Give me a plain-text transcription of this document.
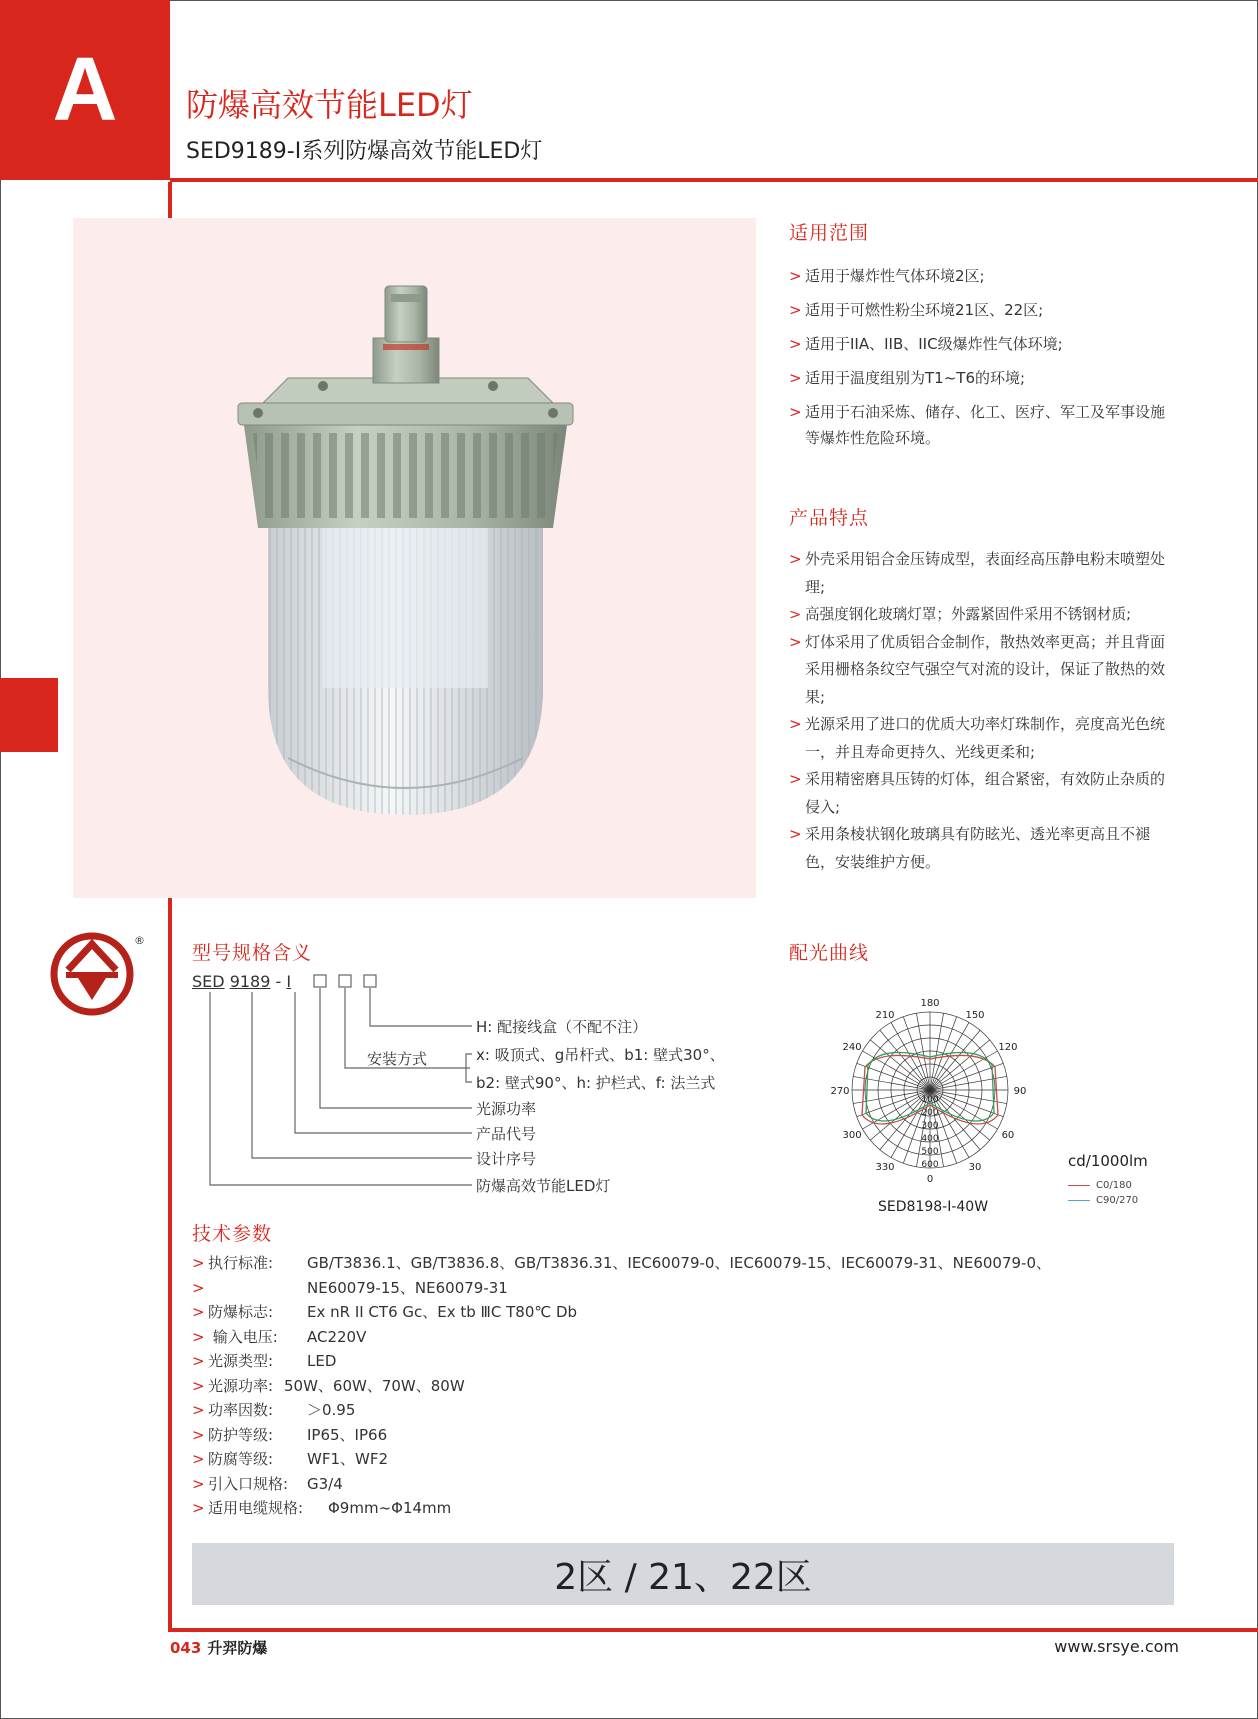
A 防爆高效节能LED灯
SED9189-Ⅰ系列防爆高效节能LED灯
适用范围

> 适用于爆炸性气体环境2区;

> 适用于可燃性粉尘环境21区、22区;

> 适用于IIA、IIB、IIC级爆炸性气体环境;

> 适用于温度组别为T1~T6的环境;

> 适用于石油采炼、储存、化工、医疗、军工及军事设施等爆炸性危险环境。

产品特点

> 外壳采用铝合金压铸成型，表面经高压静电粉末喷塑处理;

> 高强度钢化玻璃灯罩；外露紧固件采用不锈钢材质;

> 灯体采用了优质铝合金制作，散热效率更高；并且背面采用栅格条纹空气强空气对流的设计，保证了散热的效果;

> 光源采用了进口的优质大功率灯珠制作，亮度高光色统一，并且寿命更持久、光线更柔和;

> 采用精密磨具压铸的灯体，组合紧密，有效防止杂质的侵入;

> 采用条棱状钢化玻璃具有防眩光、透光率更高且不褪色，安装维护方便。

®
型号规格含义
SED 9189 - Ⅰ
H: 配接线盒（不配不注）
安装方式	x: 吸顶式、g吊杆式、b1: 壁式30°、
b2: 壁式90°、h: 护栏式、f: 法兰式
光源功率
产品代号
设计序号
防爆高效节能LED灯
配光曲线
180
150
120
90
60
30
0
330
300
270
240
210
100
200
300
400
500
600	cd/1000lm
C0/180
C90/270
SED8198-I-40W
技术参数
> 执行标准: GB/T3836.1、GB/T3836.8、GB/T3836.31、IEC60079-0、IEC60079-15、IEC60079-31、NE60079-0、
> NE60079-15、NE60079-31
> 防爆标志: Ex nR II CT6 Gc、Ex tb ⅢC T80℃ Db
>  输入电压: AC220V
> 光源类型: LED
> 光源功率: 50W、60W、70W、80W
> 功率因数: ＞0.95
> 防护等级: IP65、IP66
> 防腐等级: WF1、WF2
> 引入口规格: G3/4
> 适用电缆规格: Φ9mm~Φ14mm
2区 / 21、22区
043 升羿防爆	www.srsye.com
